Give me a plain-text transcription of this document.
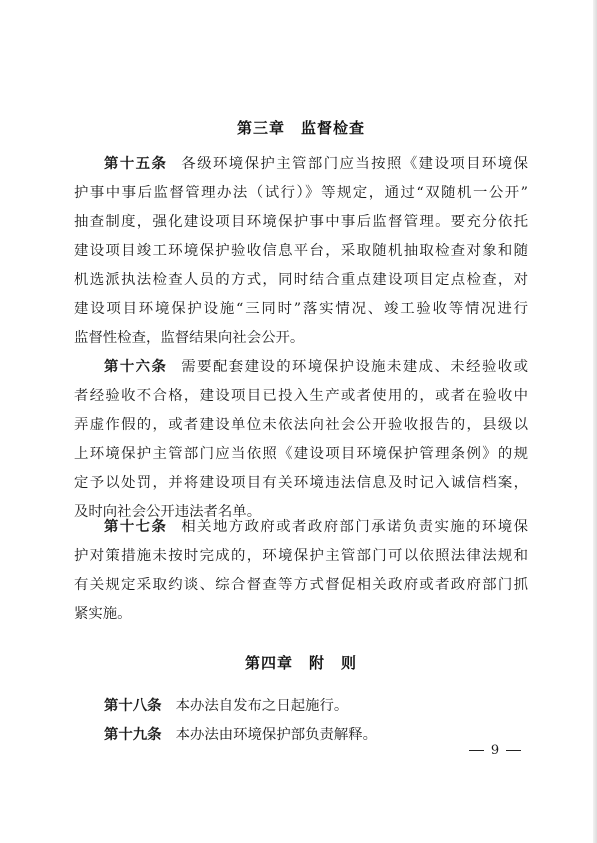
第三章　监督检查
第十五条 各级环境保护主管部门应当按照《建设项目环境保
护事中事后监督管理办法（试行）》等规定，通过“双随机一公开”
抽查制度，强化建设项目环境保护事中事后监督管理。要充分依托
建设项目竣工环境保护验收信息平台，采取随机抽取检查对象和随
机选派执法检查人员的方式，同时结合重点建设项目定点检查，对
建设项目环境保护设施“三同时”落实情况、竣工验收等情况进行
监督性检查，监督结果向社会公开。
第十六条 需要配套建设的环境保护设施未建成、未经验收或
者经验收不合格，建设项目已投入生产或者使用的，或者在验收中
弄虚作假的，或者建设单位未依法向社会公开验收报告的，县级以
上环境保护主管部门应当依照《建设项目环境保护管理条例》的规
定予以处罚，并将建设项目有关环境违法信息及时记入诚信档案，
及时向社会公开违法者名单。
第十七条 相关地方政府或者政府部门承诺负责实施的环境保
护对策措施未按时完成的，环境保护主管部门可以依照法律法规和
有关规定采取约谈、综合督查等方式督促相关政府或者政府部门抓
紧实施。
第四章　附　则
第十八条 本办法自发布之日起施行。
第十九条 本办法由环境保护部负责解释。
9
